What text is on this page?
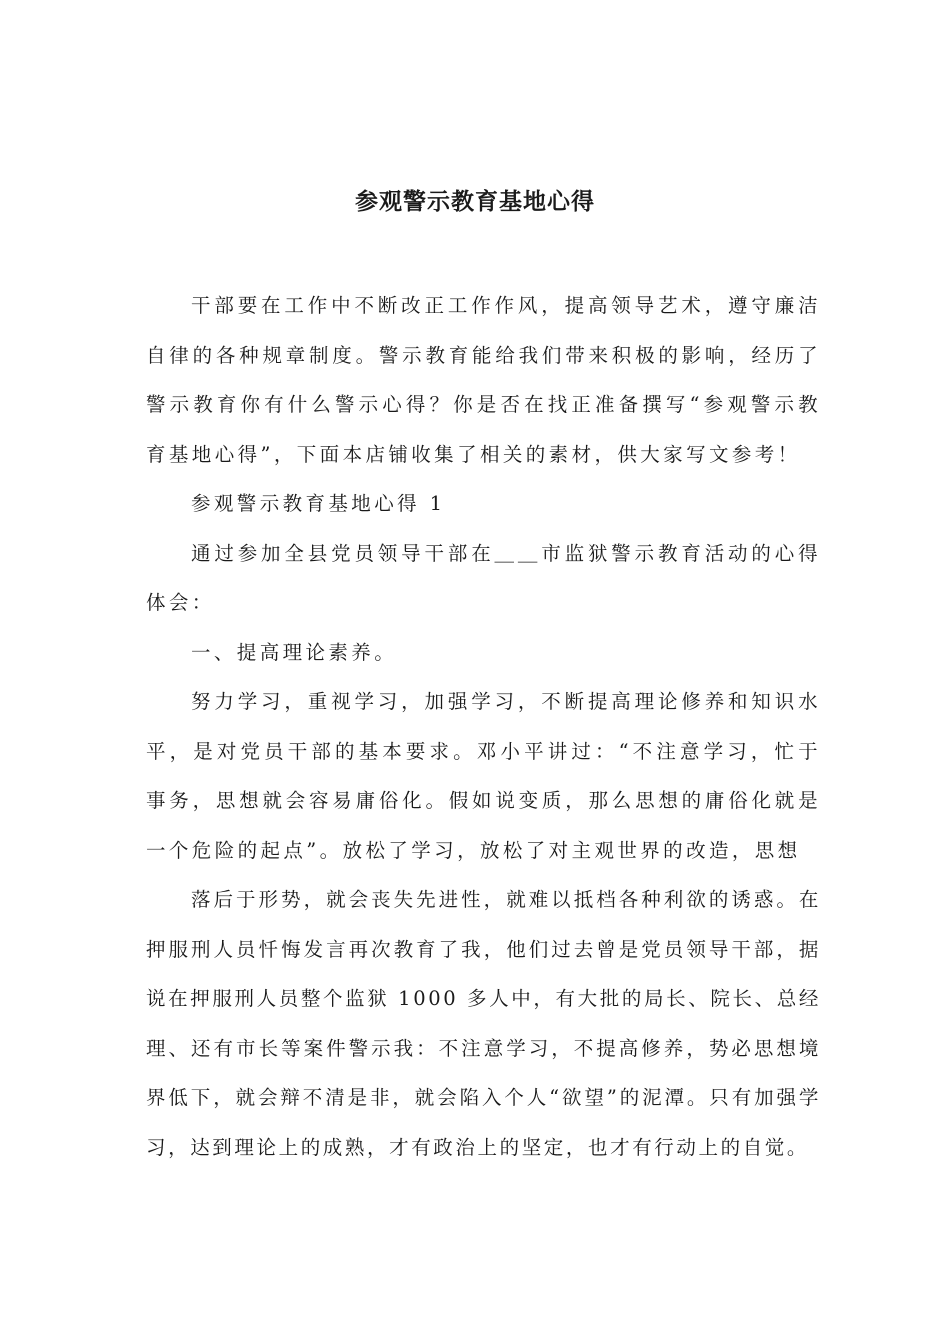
参观警示教育基地心得

干部要在工作中不断改正工作作风，提高领导艺术，遵守廉洁自律的各种规章制度。警示教育能给我们带来积极的影响，经历了警示教育你有什么警示心得？你是否在找正准备撰写“参观警示教育基地心得”，下面本店铺收集了相关的素材，供大家写文参考！

参观警示教育基地心得 1

通过参加全县党员领导干部在＿＿市监狱警示教育活动的心得体会：

一、提高理论素养。

努力学习，重视学习，加强学习，不断提高理论修养和知识水平，是对党员干部的基本要求。邓小平讲过：“不注意学习，忙于事务，思想就会容易庸俗化。假如说变质，那么思想的庸俗化就是一个危险的起点”。放松了学习，放松了对主观世界的改造，思想

落后于形势，就会丧失先进性，就难以抵档各种利欲的诱惑。在押服刑人员忏悔发言再次教育了我，他们过去曾是党员领导干部，据说在押服刑人员整个监狱 1000 多人中，有大批的局长、院长、总经理、还有市长等案件警示我：不注意学习，不提高修养，势必思想境界低下，就会辩不清是非，就会陷入个人“欲望”的泥潭。只有加强学习，达到理论上的成熟，才有政治上的坚定，也才有行动上的自觉。
